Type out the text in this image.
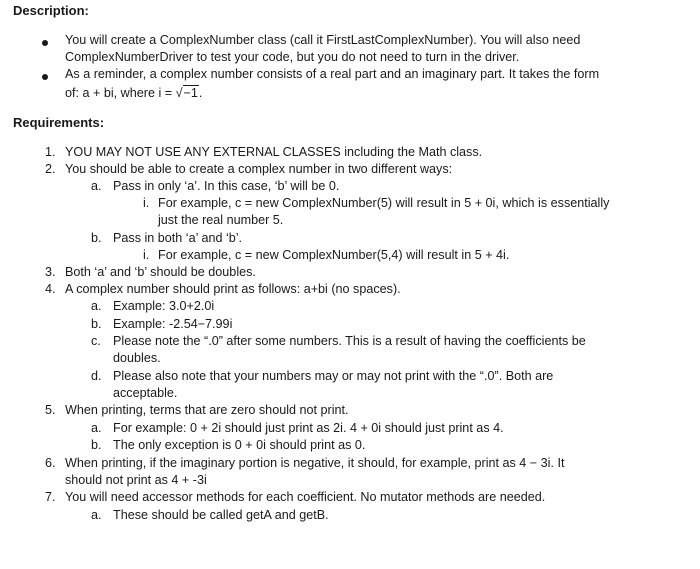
Description:
You will create a ComplexNumber class (call it FirstLastComplexNumber). You will also need
ComplexNumberDriver to test your code, but you do not need to turn in the driver.
As a reminder, a complex number consists of a real part and an imaginary part. It takes the form
of: a + bi, where i = √−1.
Requirements:
1. YOU MAY NOT USE ANY EXTERNAL CLASSES including the Math class.
2. You should be able to create a complex number in two different ways:
a. Pass in only ‘a’. In this case, ‘b’ will be 0.
i. For example, c = new ComplexNumber(5) will result in 5 + 0i, which is essentially
just the real number 5.
b. Pass in both ‘a’ and ‘b’.
i. For example, c = new ComplexNumber(5,4) will result in 5 + 4i.
3. Both ‘a’ and ‘b’ should be doubles.
4. A complex number should print as follows: a+bi (no spaces).
a. Example: 3.0+2.0i
b. Example: -2.54−7.99i
c. Please note the “.0” after some numbers. This is a result of having the coefficients be
doubles.
d. Please also note that your numbers may or may not print with the “.0”. Both are
acceptable.
5. When printing, terms that are zero should not print.
a. For example: 0 + 2i should just print as 2i. 4 + 0i should just print as 4.
b. The only exception is 0 + 0i should print as 0.
6. When printing, if the imaginary portion is negative, it should, for example, print as 4 − 3i. It
should not print as 4 + -3i
7. You will need accessor methods for each coefficient. No mutator methods are needed.
a. These should be called getA and getB.
